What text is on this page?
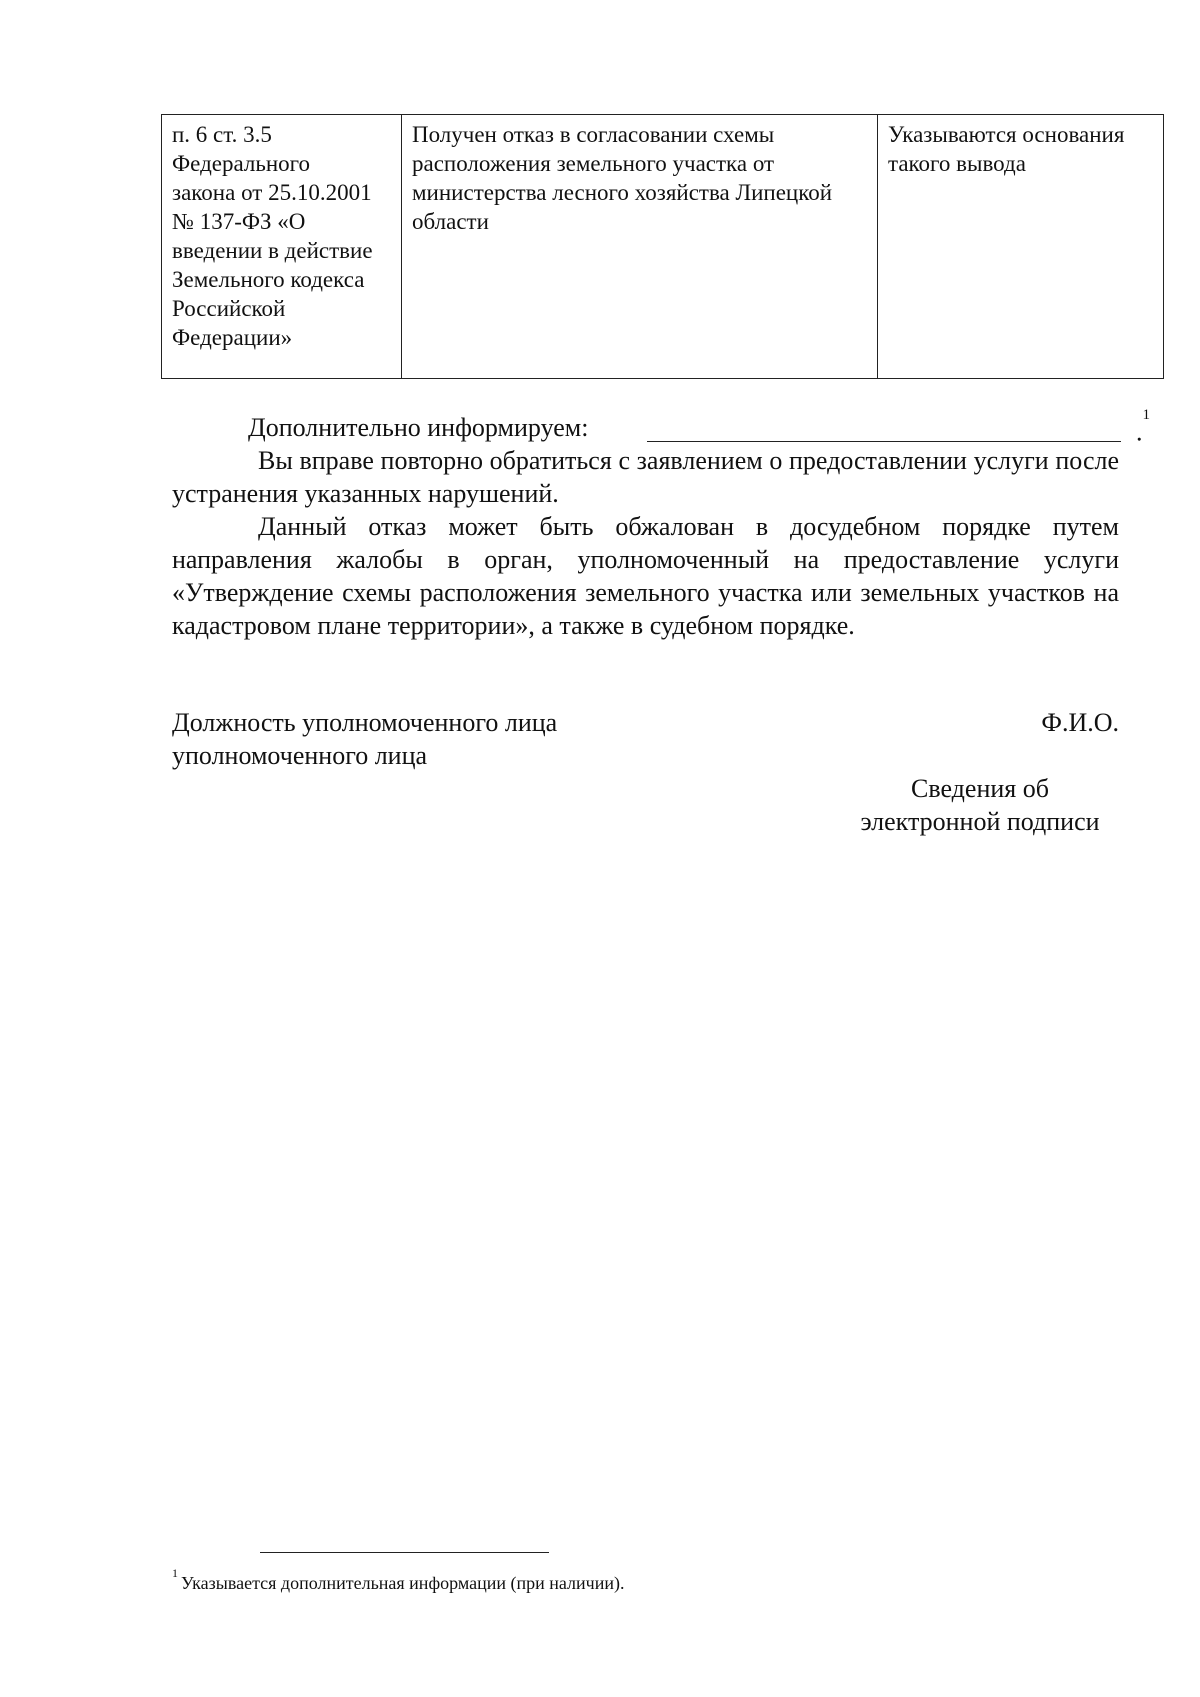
п. 6 ст. 3.5
Федерального
закона от 25.10.2001
№ 137-ФЗ «О
введении в действие
Земельного кодекса
Российской
Федерации»	Получен отказ в согласовании схемы
расположения земельного участка от
министерства лесного хозяйства Липецкой
области	Указываются основания
такого вывода
Дополнительно информируем:	.$^1$

Вы вправе повторно обратиться с заявлением о предоставлении услуги после устранения указанных нарушений.

Данный отказ может быть обжалован в досудебном порядке путем направления жалобы в орган, уполномоченный на предоставление услуги «Утверждение схемы расположения земельного участка или земельных участков на кадастровом плане территории», а также в судебном порядке.

Должность уполномоченного лица
уполномоченного лица
Ф.И.О.
Сведения об
электронной подписи
$^1$ Указывается дополнительная информации (при наличии).
